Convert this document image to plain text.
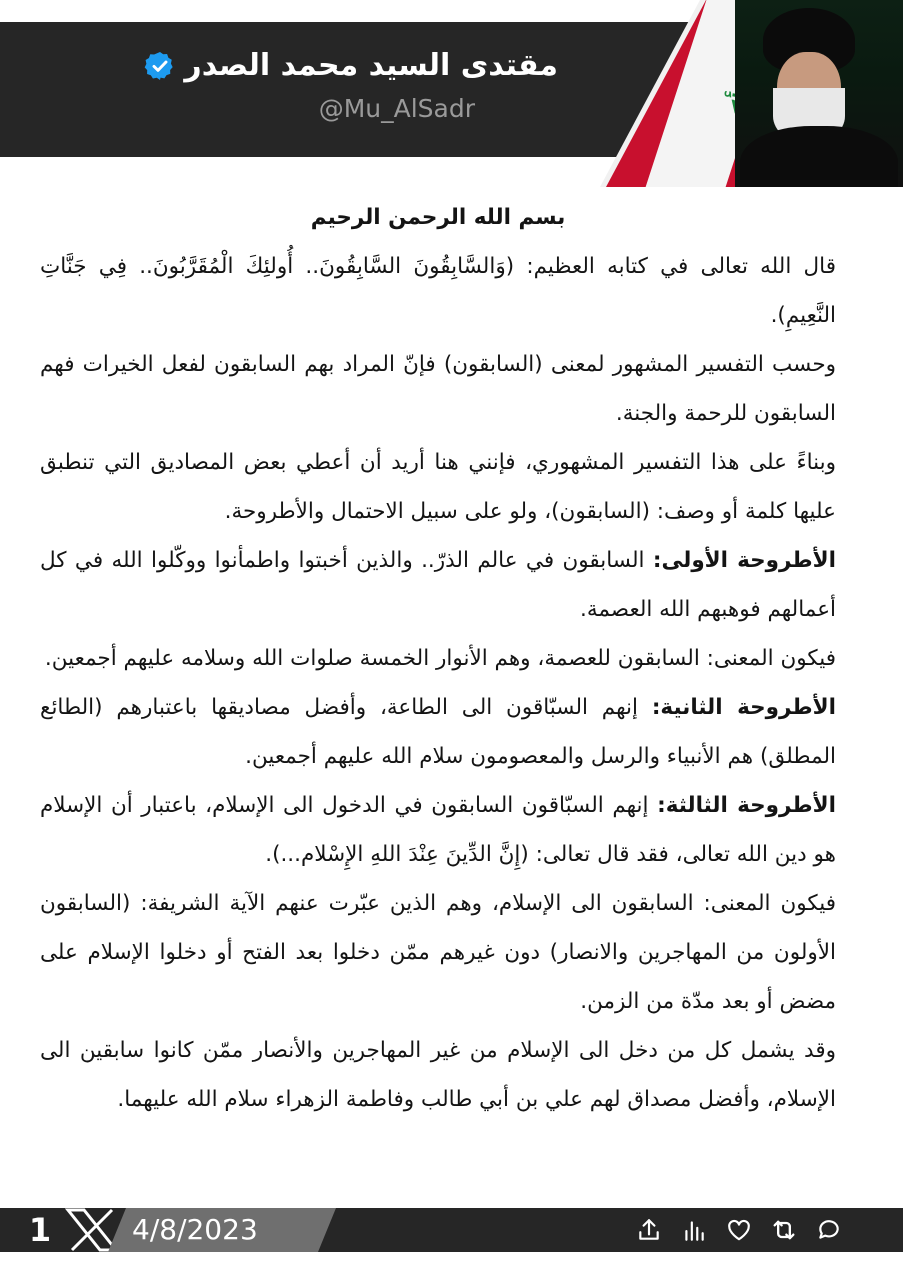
مقتدى السيد محمد الصدر
@Mu_AlSadr

بسم الله الرحمن الرحيم

قال الله تعالى في كتابه العظيم: (وَالسَّابِقُونَ السَّابِقُونَ.. أُولئِكَ الْمُقَرَّبُونَ.. فِي جَنَّاتِ النَّعِيمِ).

وحسب التفسير المشهور لمعنى (السابقون) فإنّ المراد بهم السابقون لفعل الخيرات فهم السابقون للرحمة والجنة.

وبناءً على هذا التفسير المشهوري، فإنني هنا أريد أن أعطي بعض المصاديق التي تنطبق عليها كلمة أو وصف: (السابقون)، ولو على سبيل الاحتمال والأطروحة.

الأطروحة الأولى: السابقون في عالم الذرّ.. والذين أخبتوا واطمأنوا ووكّلوا الله في كل أعمالهم فوهبهم الله العصمة.

فيكون المعنى: السابقون للعصمة، وهم الأنوار الخمسة صلوات الله وسلامه عليهم أجمعين.

الأطروحة الثانية: إنهم السبّاقون الى الطاعة، وأفضل مصاديقها باعتبارهم (الطائع المطلق) هم الأنبياء والرسل والمعصومون سلام الله عليهم أجمعين.

الأطروحة الثالثة: إنهم السبّاقون السابقون في الدخول الى الإسلام، باعتبار أن الإسلام هو دين الله تعالى، فقد قال تعالى: (إِنَّ الدِّينَ عِنْدَ اللهِ الإِسْلام...).

فيكون المعنى: السابقون الى الإسلام، وهم الذين عبّرت عنهم الآية الشريفة: (السابقون الأولون من المهاجرين والانصار) دون غيرهم ممّن دخلوا بعد الفتح أو دخلوا الإسلام على مضض أو بعد مدّة من الزمن.

وقد يشمل كل من دخل الى الإسلام من غير المهاجرين والأنصار ممّن كانوا سابقين الى الإسلام، وأفضل مصداق لهم علي بن أبي طالب وفاطمة الزهراء سلام الله عليهما.

1	4/8/2023
